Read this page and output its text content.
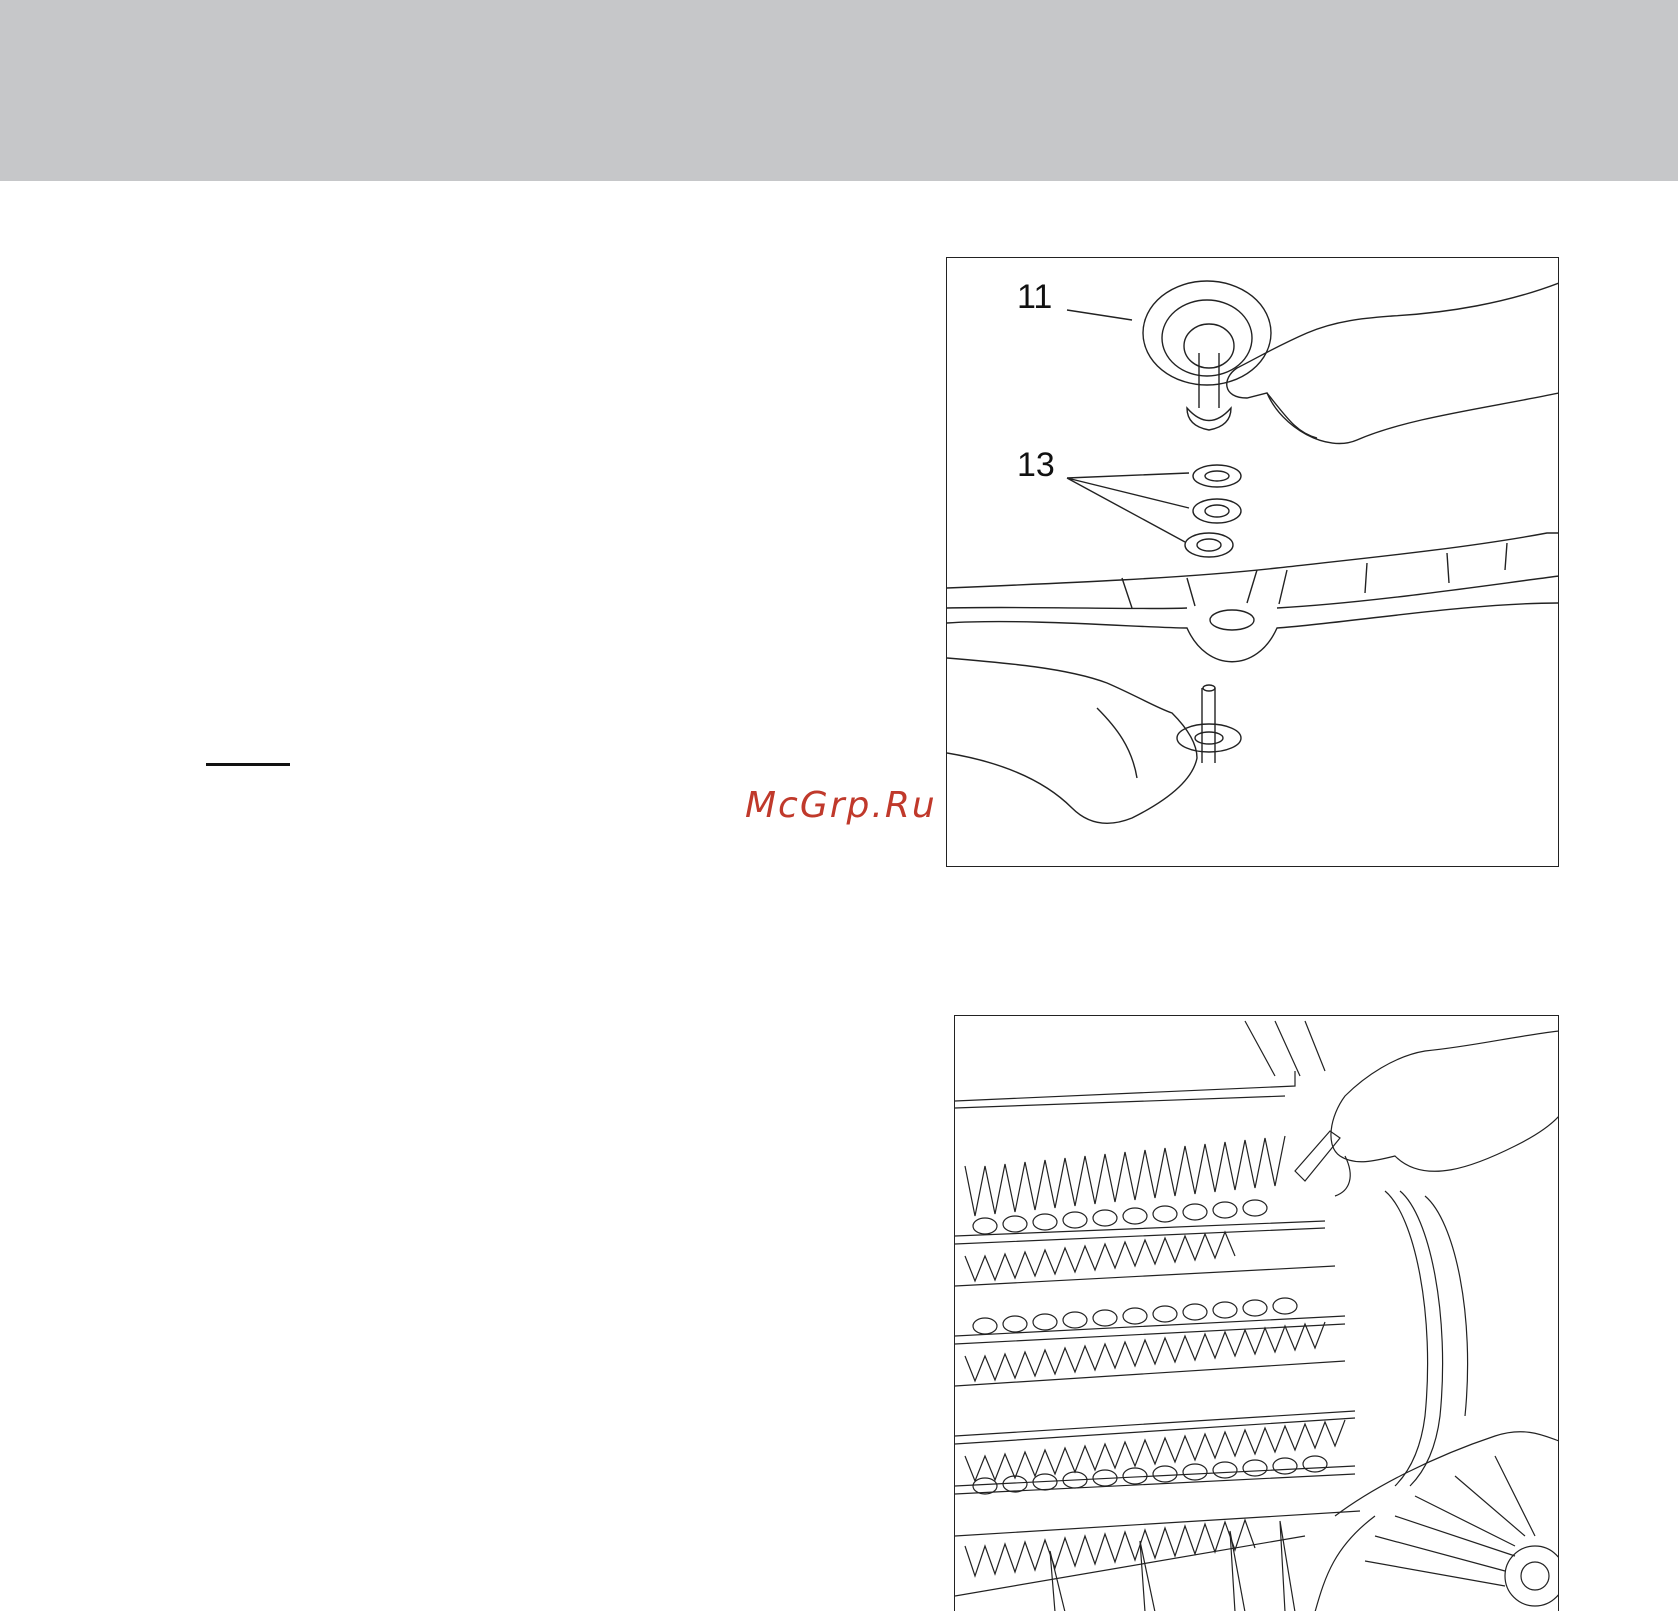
McGrp.Ru
11
13
